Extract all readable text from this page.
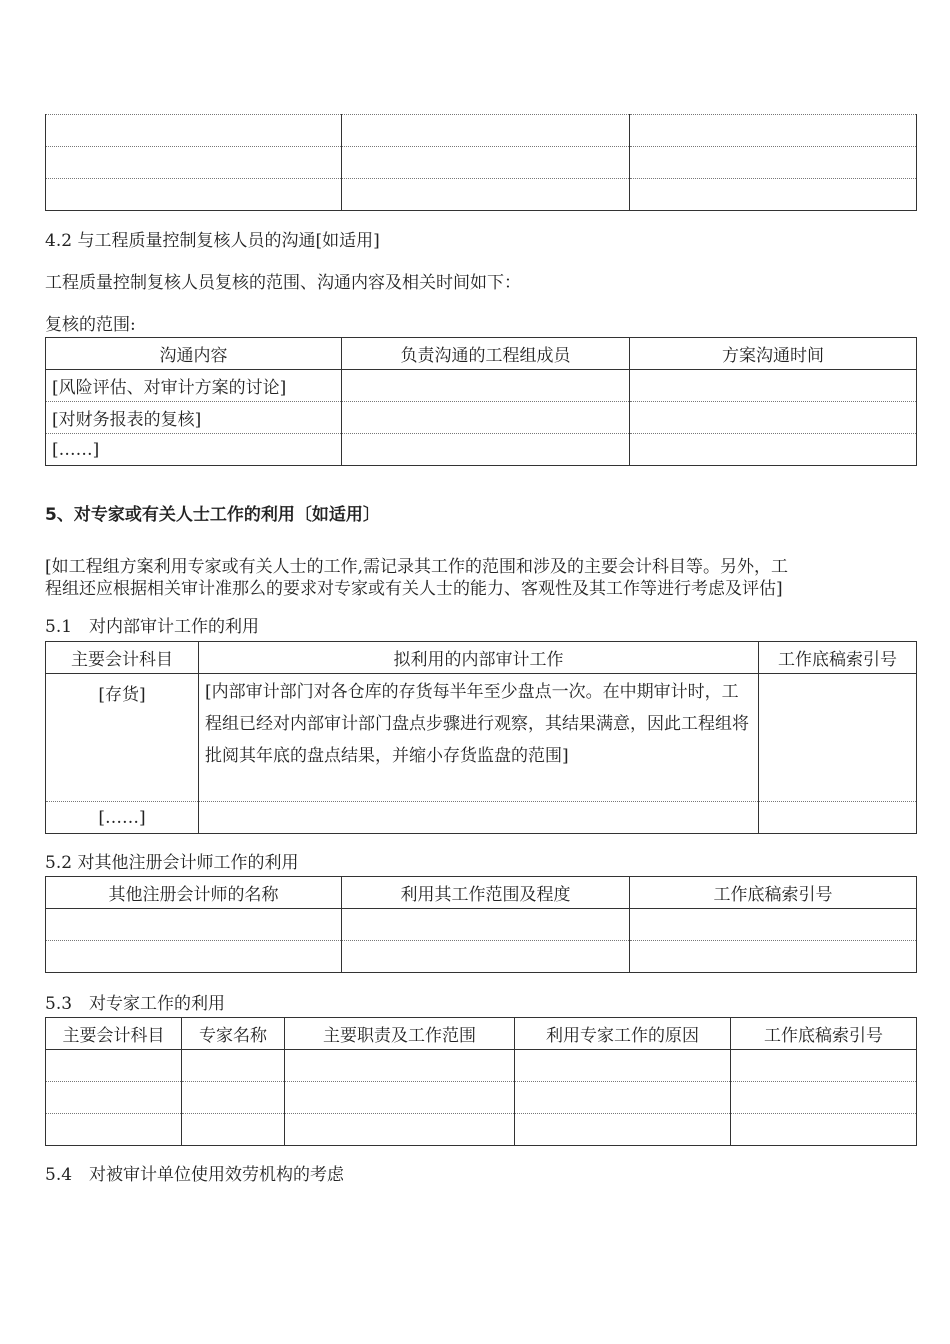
4.2 与工程质量控制复核人员的沟通[如适用]
工程质量控制复核人员复核的范围、沟通内容及相关时间如下：
复核的范围:
沟通内容	负责沟通的工程组成员	方案沟通时间
[风险评估、对审计方案的讨论]		
[对财务报表的复核]		
[……]		
5、对专家或有关人士工作的利用〔如适用〕
[如工程组方案利用专家或有关人士的工作,需记录其工作的范围和涉及的主要会计科目等。另外，工
程组还应根据相关审计准那么的要求对专家或有关人士的能力、客观性及其工作等进行考虑及评估]
5.1　对内部审计工作的利用
主要会计科目	拟利用的内部审计工作	工作底稿索引号
[存货]	[内部审计部门对各仓库的存货每半年至少盘点一次。在中期审计时，工程组已经对内部审计部门盘点步骤进行观察，其结果满意，因此工程组将批阅其年底的盘点结果，并缩小存货监盘的范围]	
[……]		
5.2 对其他注册会计师工作的利用
其他注册会计师的名称	利用其工作范围及程度	工作底稿索引号

5.3　对专家工作的利用
主要会计科目	专家名称	主要职责及工作范围	利用专家工作的原因	工作底稿索引号

5.4　对被审计单位使用效劳机构的考虑
